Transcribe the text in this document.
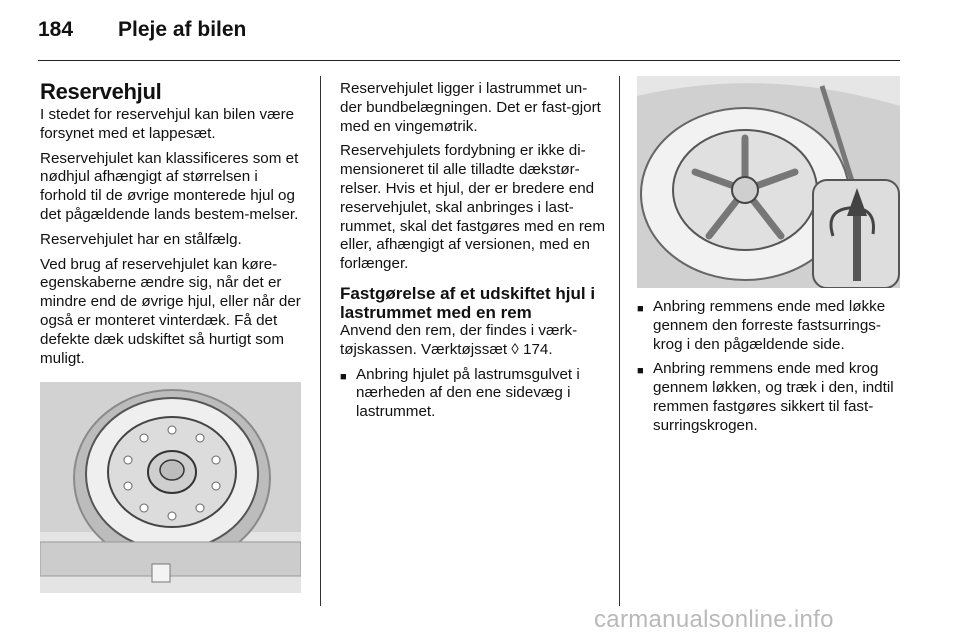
184 Pleje af bilen
Reservehjul

I stedet for reservehjul kan bilen være forsynet med et lappesæt.

Reservehjulet kan klassificeres som et nødhjul afhængigt af størrelsen i forhold til de øvrige monterede hjul og det pågældende lands bestem-melser.

Reservehjulet har en stålfælg.

Ved brug af reservehjulet kan køre-egenskaberne ændre sig, når det er mindre end de øvrige hjul, eller når der også er monteret vinterdæk. Få det defekte dæk udskiftet så hurtigt som muligt.

Reservehjulet ligger i lastrummet un-der bundbelægningen. Det er fast-gjort med en vingemøtrik.

Reservehjulets fordybning er ikke di-mensioneret til alle tilladte dækstør-relser. Hvis et hjul, der er bredere end reservehjulet, skal anbringes i last-rummet, skal det fastgøres med en rem eller, afhængigt af versionen, med en forlænger.

Fastgørelse af et udskiftet hjul i lastrummet med en rem

Anvend den rem, der findes i værk-tøjskassen. Værktøjssæt ◊ 174.

■ Anbring hjulet på lastrumsgulvet i nærheden af den ene sidevæg i lastrummet.
■ Anbring remmens ende med løkke gennem den forreste fastsurrings-krog i den pågældende side.
■ Anbring remmens ende med krog gennem løkken, og træk i den, indtil remmen fastgøres sikkert til fast-surringskrogen.
carmanualsonline.info
